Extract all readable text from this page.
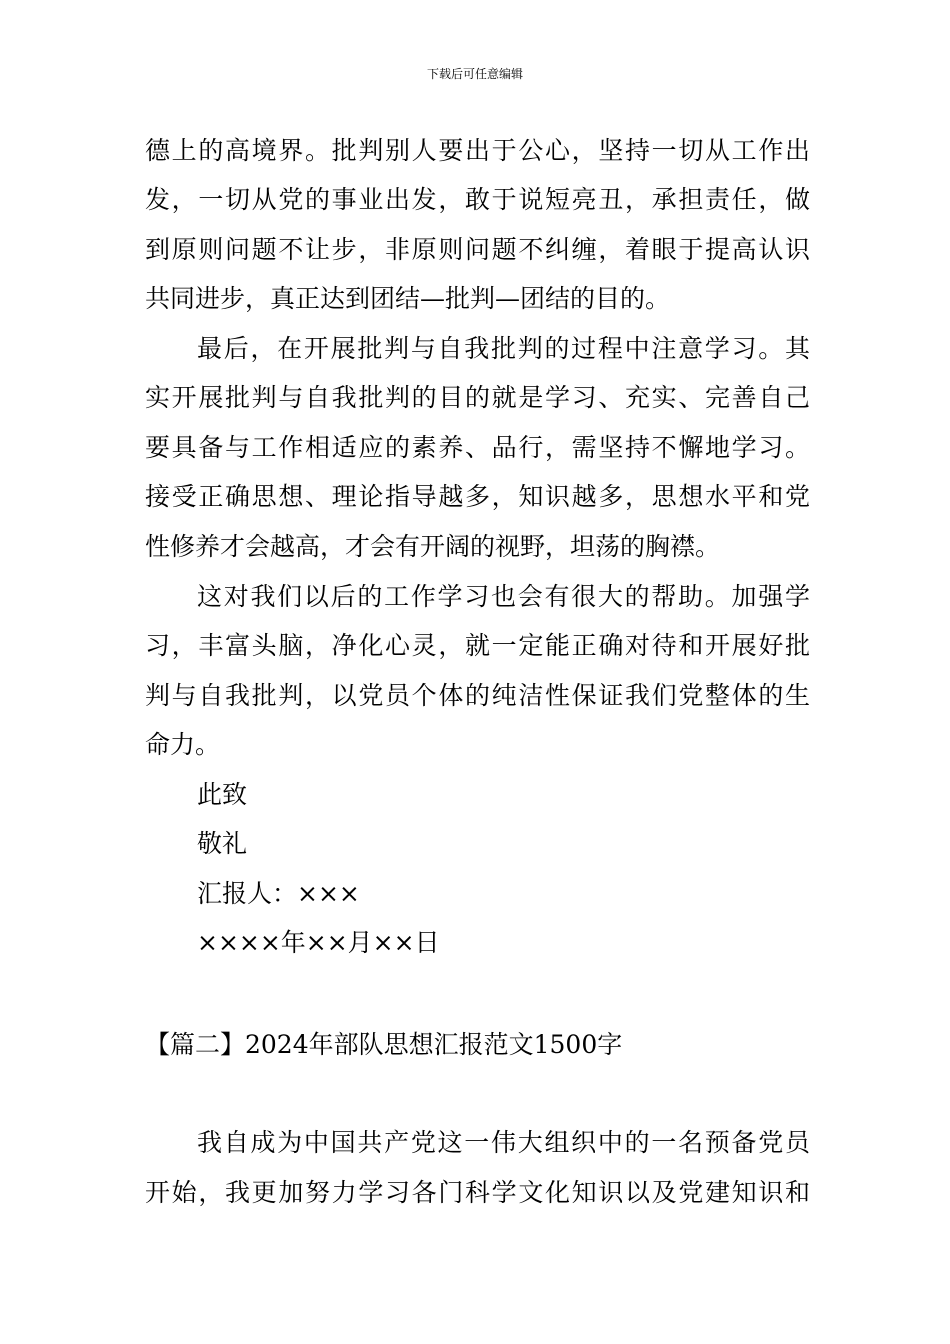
下载后可任意编辑
德上的高境界。批判别人要出于公心，坚持一切从工作出
发，一切从党的事业出发，敢于说短亮丑，承担责任，做
到原则问题不让步，非原则问题不纠缠，着眼于提高认识
共同进步，真正达到团结—批判—团结的目的。
最后，在开展批判与自我批判的过程中注意学习。其
实开展批判与自我批判的目的就是学习、充实、完善自己
要具备与工作相适应的素养、品行，需坚持不懈地学习。
接受正确思想、理论指导越多，知识越多，思想水平和党
性修养才会越高，才会有开阔的视野，坦荡的胸襟。
这对我们以后的工作学习也会有很大的帮助。加强学
习，丰富头脑，净化心灵，就一定能正确对待和开展好批
判与自我批判，以党员个体的纯洁性保证我们党整体的生
命力。
此致
敬礼
汇报人：×××
××××年××月××日
【篇二】2024年部队思想汇报范文1500字
我自成为中国共产党这一伟大组织中的一名预备党员
开始，我更加努力学习各门科学文化知识以及党建知识和
